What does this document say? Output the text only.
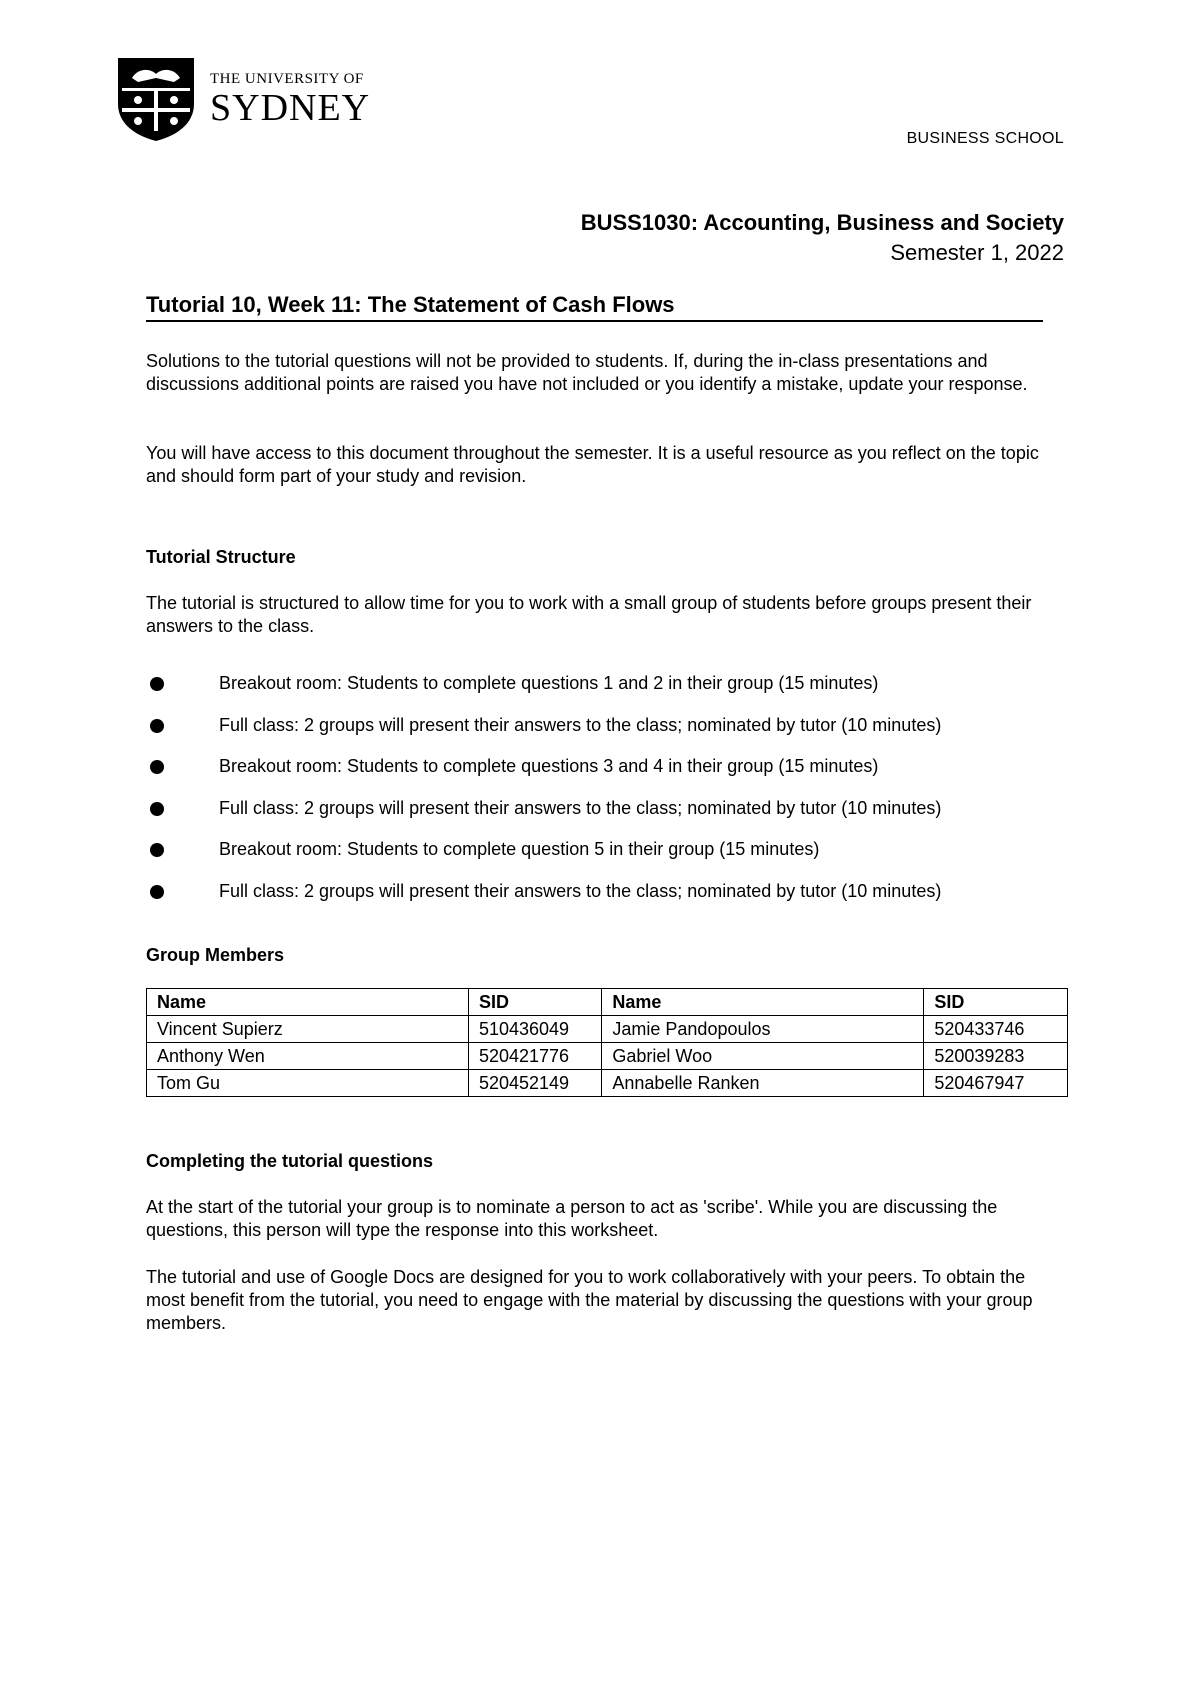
THE UNIVERSITY OF
SYDNEY
BUSINESS SCHOOL
BUSS1030: Accounting, Business and Society
Semester 1, 2022
Tutorial 10, Week 11: The Statement of Cash Flows

Solutions to the tutorial questions will not be provided to students. If, during the in-class presentations and discussions additional points are raised you have not included or you identify a mistake, update your response.

You will have access to this document throughout the semester. It is a useful resource as you reflect on the topic and should form part of your study and revision.

Tutorial Structure

The tutorial is structured to allow time for you to work with a small group of students before groups present their answers to the class.

Breakout room: Students to complete questions 1 and 2 in their group (15 minutes)
Full class: 2 groups will present their answers to the class; nominated by tutor (10 minutes)
Breakout room: Students to complete questions 3 and 4 in their group (15 minutes)
Full class: 2 groups will present their answers to the class; nominated by tutor (10 minutes)
Breakout room: Students to complete question 5 in their group (15 minutes)
Full class: 2 groups will present their answers to the class; nominated by tutor (10 minutes)
Group Members
Name	SID	Name	SID
Vincent Supierz	510436049	Jamie Pandopoulos	520433746
Anthony Wen	520421776	Gabriel Woo	520039283
Tom Gu	520452149	Annabelle Ranken	520467947
Completing the tutorial questions

At the start of the tutorial your group is to nominate a person to act as 'scribe'. While you are discussing the questions, this person will type the response into this worksheet.

The tutorial and use of Google Docs are designed for you to work collaboratively with your peers. To obtain the most benefit from the tutorial, you need to engage with the material by discussing the questions with your group members.
